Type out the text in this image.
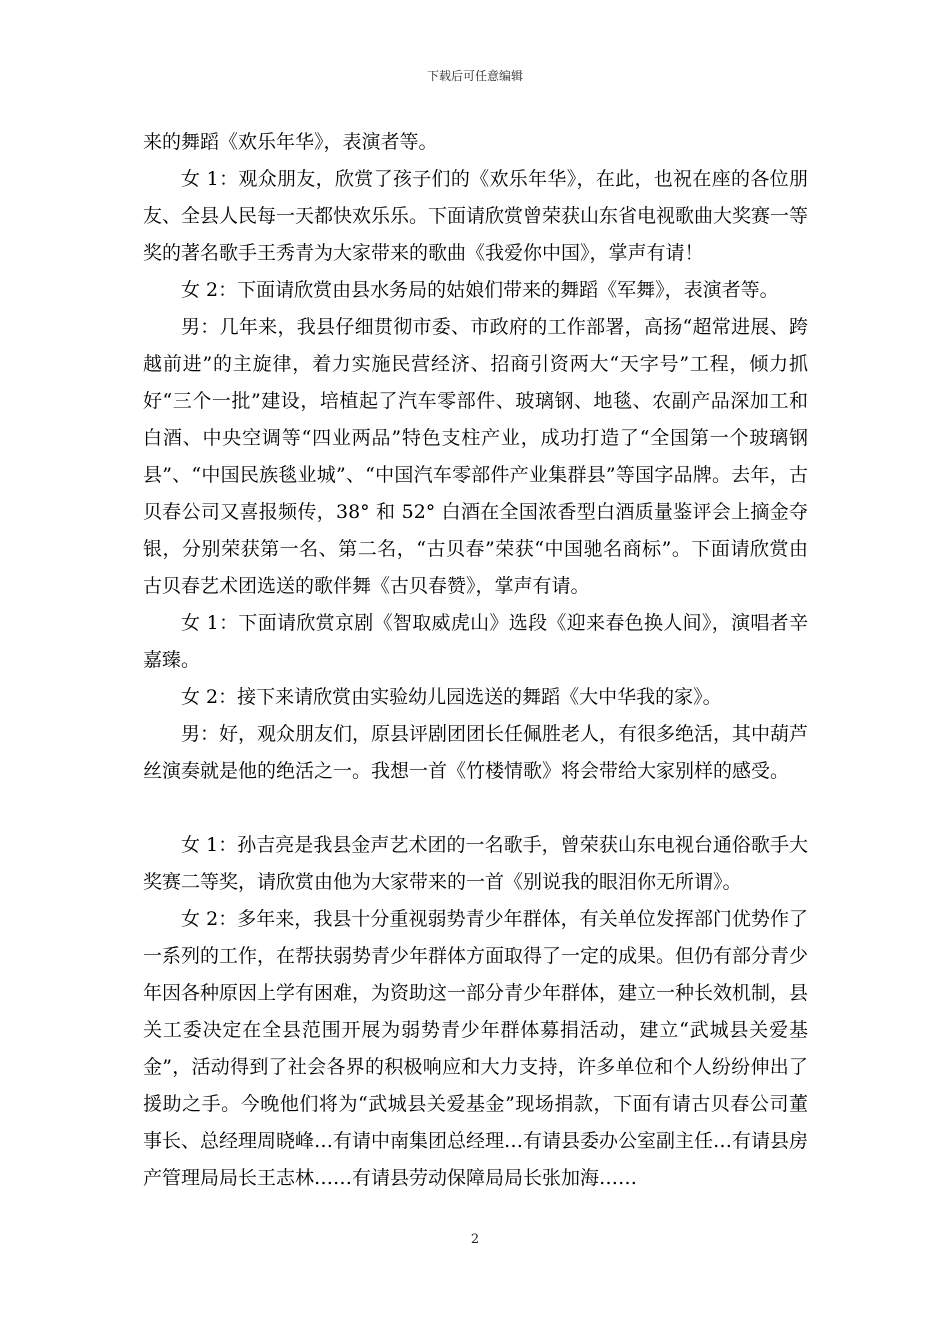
下载后可任意编辑

来的舞蹈《欢乐年华》，表演者等。

女 1：观众朋友，欣赏了孩子们的《欢乐年华》，在此，也祝在座的各位朋友、全县人民每一天都快欢乐乐。下面请欣赏曾荣获山东省电视歌曲大奖赛一等奖的著名歌手王秀青为大家带来的歌曲《我爱你中国》，掌声有请！

女 2：下面请欣赏由县水务局的姑娘们带来的舞蹈《军舞》，表演者等。

男：几年来，我县仔细贯彻市委、市政府的工作部署，高扬“超常进展、跨越前进”的主旋律，着力实施民营经济、招商引资两大“天字号”工程，倾力抓好“三个一批”建设，培植起了汽车零部件、玻璃钢、地毯、农副产品深加工和白酒、中央空调等“四业两品”特色支柱产业，成功打造了“全国第一个玻璃钢县”、“中国民族毯业城”、“中国汽车零部件产业集群县”等国字品牌。去年，古贝春公司又喜报频传，38° 和 52° 白酒在全国浓香型白酒质量鉴评会上摘金夺银，分别荣获第一名、第二名，“古贝春”荣获“中国驰名商标”。下面请欣赏由古贝春艺术团选送的歌伴舞《古贝春赞》，掌声有请。

女 1：下面请欣赏京剧《智取威虎山》选段《迎来春色换人间》，演唱者辛嘉臻。

女 2：接下来请欣赏由实验幼儿园选送的舞蹈《大中华我的家》。

男：好，观众朋友们，原县评剧团团长任佩胜老人，有很多绝活，其中葫芦丝演奏就是他的绝活之一。我想一首《竹楼情歌》将会带给大家别样的感受。

女 1：孙吉亮是我县金声艺术团的一名歌手，曾荣获山东电视台通俗歌手大奖赛二等奖，请欣赏由他为大家带来的一首《别说我的眼泪你无所谓》。

女 2：多年来，我县十分重视弱势青少年群体，有关单位发挥部门优势作了一系列的工作，在帮扶弱势青少年群体方面取得了一定的成果。但仍有部分青少年因各种原因上学有困难，为资助这一部分青少年群体，建立一种长效机制，县关工委决定在全县范围开展为弱势青少年群体募捐活动，建立“武城县关爱基金”，活动得到了社会各界的积极响应和大力支持，许多单位和个人纷纷伸出了援助之手。今晚他们将为“武城县关爱基金”现场捐款，下面有请古贝春公司董事长、总经理周晓峰…有请中南集团总经理…有请县委办公室副主任…有请县房产管理局局长王志林……有请县劳动保障局局长张加海……

2
